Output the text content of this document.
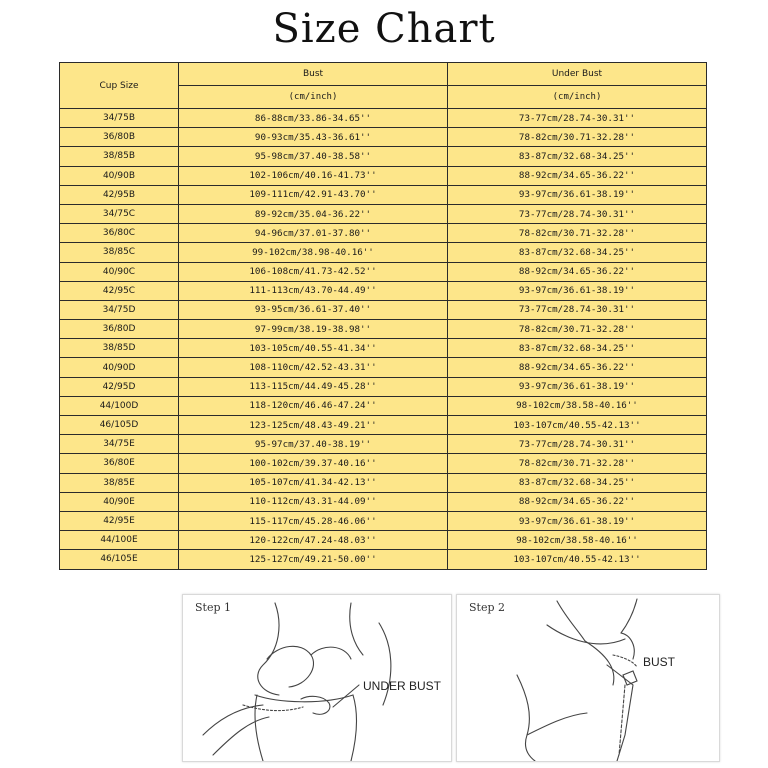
Size Chart
Cup Size	Bust	Under Bust
	(cm/inch)	(cm/inch)
34/75B	86-88cm/33.86-34.65''	73-77cm/28.74-30.31''
36/80B	90-93cm/35.43-36.61''	78-82cm/30.71-32.28''
38/85B	95-98cm/37.40-38.58''	83-87cm/32.68-34.25''
40/90B	102-106cm/40.16-41.73''	88-92cm/34.65-36.22''
42/95B	109-111cm/42.91-43.70''	93-97cm/36.61-38.19''
34/75C	89-92cm/35.04-36.22''	73-77cm/28.74-30.31''
36/80C	94-96cm/37.01-37.80''	78-82cm/30.71-32.28''
38/85C	99-102cm/38.98-40.16''	83-87cm/32.68-34.25''
40/90C	106-108cm/41.73-42.52''	88-92cm/34.65-36.22''
42/95C	111-113cm/43.70-44.49''	93-97cm/36.61-38.19''
34/75D	93-95cm/36.61-37.40''	73-77cm/28.74-30.31''
36/80D	97-99cm/38.19-38.98''	78-82cm/30.71-32.28''
38/85D	103-105cm/40.55-41.34''	83-87cm/32.68-34.25''
40/90D	108-110cm/42.52-43.31''	88-92cm/34.65-36.22''
42/95D	113-115cm/44.49-45.28''	93-97cm/36.61-38.19''
44/100D	118-120cm/46.46-47.24''	98-102cm/38.58-40.16''
46/105D	123-125cm/48.43-49.21''	103-107cm/40.55-42.13''
34/75E	95-97cm/37.40-38.19''	73-77cm/28.74-30.31''
36/80E	100-102cm/39.37-40.16''	78-82cm/30.71-32.28''
38/85E	105-107cm/41.34-42.13''	83-87cm/32.68-34.25''
40/90E	110-112cm/43.31-44.09''	88-92cm/34.65-36.22''
42/95E	115-117cm/45.28-46.06''	93-97cm/36.61-38.19''
44/100E	120-122cm/47.24-48.03''	98-102cm/38.58-40.16''
46/105E	125-127cm/49.21-50.00''	103-107cm/40.55-42.13''
Step 1
UNDER BUST
Step 2
BUST
